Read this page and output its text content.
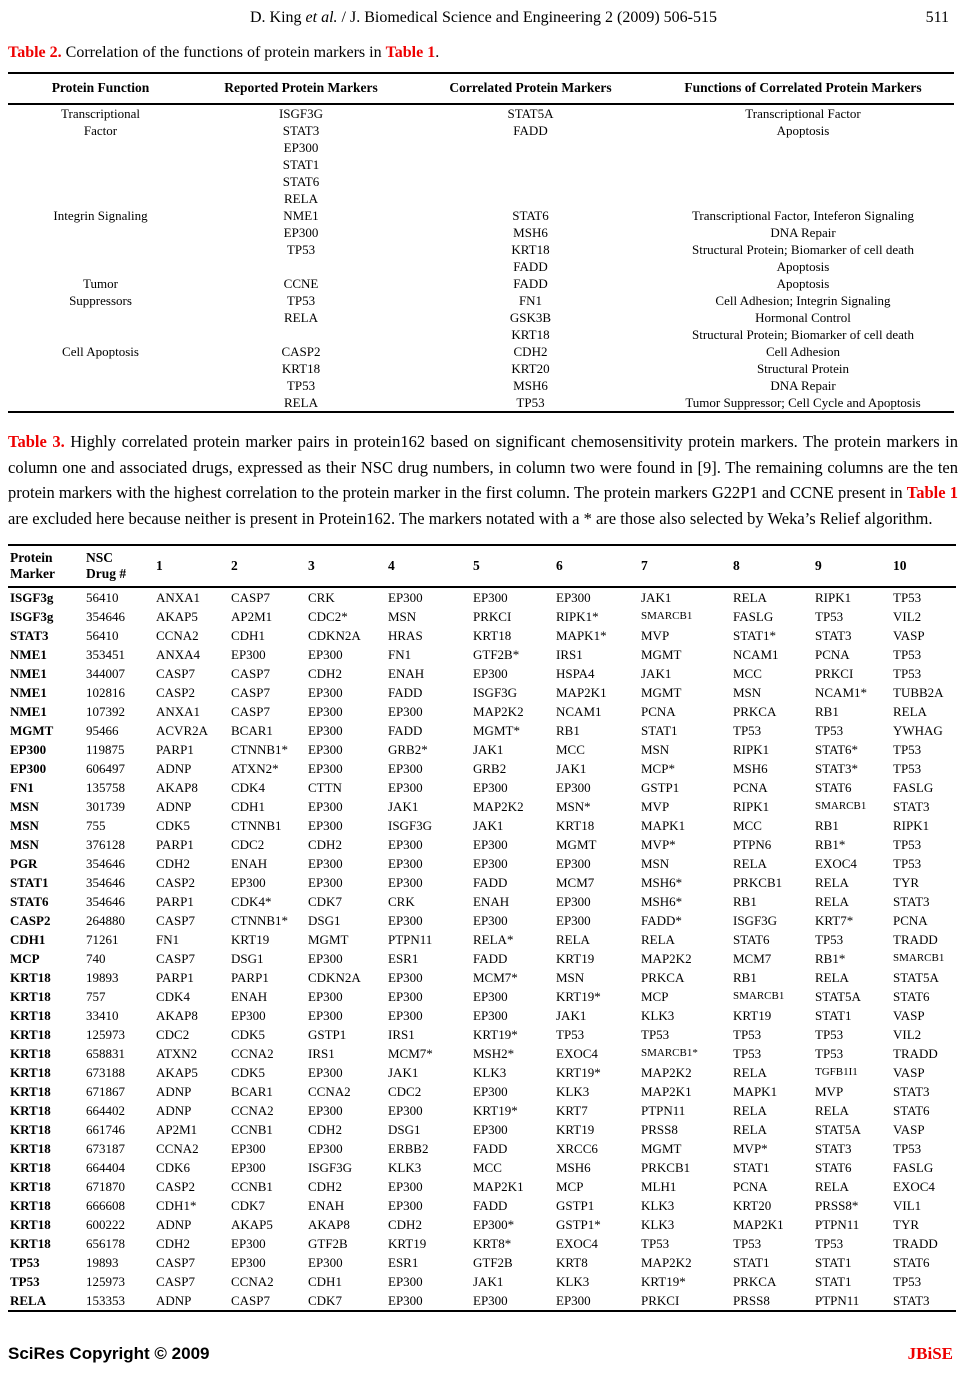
D. King et al. / J. Biomedical Science and Engineering 2 (2009) 506-515	511
Table 2. Correlation of the functions of protein markers in Table 1.
Protein Function	Reported Protein Markers	Correlated Protein Markers	Functions of Correlated Protein Markers
Transcriptional	ISGF3G	STAT5A	Transcriptional Factor
Factor	STAT3	FADD	Apoptosis
	EP300		
	STAT1		
	STAT6		
	RELA		
Integrin Signaling	NME1	STAT6	Transcriptional Factor, Inteferon Signaling
	EP300	MSH6	DNA Repair
	TP53	KRT18	Structural Protein; Biomarker of cell death
		FADD	Apoptosis
Tumor	CCNE	FADD	Apoptosis
Suppressors	TP53	FN1	Cell Adhesion; Integrin Signaling
	RELA	GSK3B	Hormonal Control
		KRT18	Structural Protein; Biomarker of cell death
Cell Apoptosis	CASP2	CDH2	Cell Adhesion
	KRT18	KRT20	Structural Protein
	TP53	MSH6	DNA Repair
	RELA	TP53	Tumor Suppressor; Cell Cycle and Apoptosis
Table 3. Highly correlated protein marker pairs in protein162 based on significant chemosensitivity protein markers. The protein markers in column one and associated drugs, expressed as their NSC drug numbers, in column two were found in [9]. The remaining columns are the ten protein markers with the highest correlation to the protein marker in the first column. The protein markers G22P1 and CCNE present in Table 1 are excluded here because neither is present in Protein162. The markers notated with a * are those also selected by Weka’s Relief algorithm.
Protein Marker	NSC Drug #	1	2	3	4	5	6	7	8	9	10
ISGF3g	56410	ANXA1	CASP7	CRK	EP300	EP300	EP300	JAK1	RELA	RIPK1	TP53
ISGF3g	354646	AKAP5	AP2M1	CDC2*	MSN	PRKCI	RIPK1*	SMARCB1	FASLG	TP53	VIL2
STAT3	56410	CCNA2	CDH1	CDKN2A	HRAS	KRT18	MAPK1*	MVP	STAT1*	STAT3	VASP
NME1	353451	ANXA4	EP300	EP300	FN1	GTF2B*	IRS1	MGMT	NCAM1	PCNA	TP53
NME1	344007	CASP7	CASP7	CDH2	ENAH	EP300	HSPA4	JAK1	MCC	PRKCI	TP53
NME1	102816	CASP2	CASP7	EP300	FADD	ISGF3G	MAP2K1	MGMT	MSN	NCAM1*	TUBB2A
NME1	107392	ANXA1	CASP7	EP300	EP300	MAP2K2	NCAM1	PCNA	PRKCA	RB1	RELA
MGMT	95466	ACVR2A	BCAR1	EP300	FADD	MGMT*	RB1	STAT1	TP53	TP53	YWHAG
EP300	119875	PARP1	CTNNB1*	EP300	GRB2*	JAK1	MCC	MSN	RIPK1	STAT6*	TP53
EP300	606497	ADNP	ATXN2*	EP300	EP300	GRB2	JAK1	MCP*	MSH6	STAT3*	TP53
FN1	135758	AKAP8	CDK4	CTTN	EP300	EP300	EP300	GSTP1	PCNA	STAT6	FASLG
MSN	301739	ADNP	CDH1	EP300	JAK1	MAP2K2	MSN*	MVP	RIPK1	SMARCB1	STAT3
MSN	755	CDK5	CTNNB1	EP300	ISGF3G	JAK1	KRT18	MAPK1	MCC	RB1	RIPK1
MSN	376128	PARP1	CDC2	CDH2	EP300	EP300	MGMT	MVP*	PTPN6	RB1*	TP53
PGR	354646	CDH2	ENAH	EP300	EP300	EP300	EP300	MSN	RELA	EXOC4	TP53
STAT1	354646	CASP2	EP300	EP300	EP300	FADD	MCM7	MSH6*	PRKCB1	RELA	TYR
STAT6	354646	PARP1	CDK4*	CDK7	CRK	ENAH	EP300	MSH6*	RB1	RELA	STAT3
CASP2	264880	CASP7	CTNNB1*	DSG1	EP300	EP300	EP300	FADD*	ISGF3G	KRT7*	PCNA
CDH1	71261	FN1	KRT19	MGMT	PTPN11	RELA*	RELA	RELA	STAT6	TP53	TRADD
MCP	740	CASP7	DSG1	EP300	ESR1	FADD	KRT19	MAP2K2	MCM7	RB1*	SMARCB1
KRT18	19893	PARP1	PARP1	CDKN2A	EP300	MCM7*	MSN	PRKCA	RB1	RELA	STAT5A
KRT18	757	CDK4	ENAH	EP300	EP300	EP300	KRT19*	MCP	SMARCB1	STAT5A	STAT6
KRT18	33410	AKAP8	EP300	EP300	EP300	EP300	JAK1	KLK3	KRT19	STAT1	VASP
KRT18	125973	CDC2	CDK5	GSTP1	IRS1	KRT19*	TP53	TP53	TP53	TP53	VIL2
KRT18	658831	ATXN2	CCNA2	IRS1	MCM7*	MSH2*	EXOC4	SMARCB1*	TP53	TP53	TRADD
KRT18	673188	AKAP5	CDK5	EP300	JAK1	KLK3	KRT19*	MAP2K2	RELA	TGFB1I1	VASP
KRT18	671867	ADNP	BCAR1	CCNA2	CDC2	EP300	KLK3	MAP2K1	MAPK1	MVP	STAT3
KRT18	664402	ADNP	CCNA2	EP300	EP300	KRT19*	KRT7	PTPN11	RELA	RELA	STAT6
KRT18	661746	AP2M1	CCNB1	CDH2	DSG1	EP300	KRT19	PRSS8	RELA	STAT5A	VASP
KRT18	673187	CCNA2	EP300	EP300	ERBB2	FADD	XRCC6	MGMT	MVP*	STAT3	TP53
KRT18	664404	CDK6	EP300	ISGF3G	KLK3	MCC	MSH6	PRKCB1	STAT1	STAT6	FASLG
KRT18	671870	CASP2	CCNB1	CDH2	EP300	MAP2K1	MCP	MLH1	PCNA	RELA	EXOC4
KRT18	666608	CDH1*	CDK7	ENAH	EP300	FADD	GSTP1	KLK3	KRT20	PRSS8*	VIL1
KRT18	600222	ADNP	AKAP5	AKAP8	CDH2	EP300*	GSTP1*	KLK3	MAP2K1	PTPN11	TYR
KRT18	656178	CDH2	EP300	GTF2B	KRT19	KRT8*	EXOC4	TP53	TP53	TP53	TRADD
TP53	19893	CASP7	EP300	EP300	ESR1	GTF2B	KRT8	MAP2K2	STAT1	STAT1	STAT6
TP53	125973	CASP7	CCNA2	CDH1	EP300	JAK1	KLK3	KRT19*	PRKCA	STAT1	TP53
RELA	153353	ADNP	CASP7	CDK7	EP300	EP300	EP300	PRKCI	PRSS8	PTPN11	STAT3
SciRes Copyright © 2009	JBiSE
